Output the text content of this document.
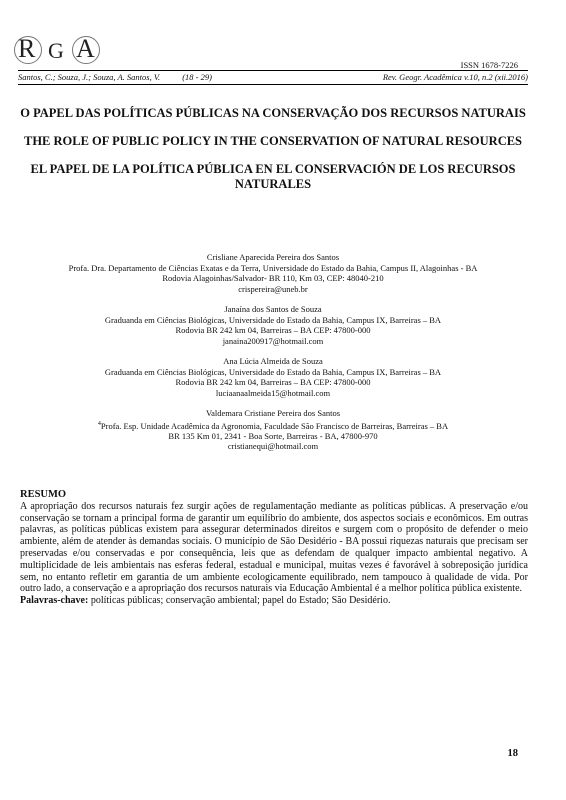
R G A
ISSN 1678-7226
Santos, C.; Souza, J.; Souza, A. Santos, V.	(18 - 29)	Rev. Geogr. Acadêmica v.10, n.2 (xii.2016)
O PAPEL DAS POLÍTICAS PÚBLICAS NA CONSERVAÇÃO DOS RECURSOS NATURAIS
THE ROLE OF PUBLIC POLICY IN THE CONSERVATION OF NATURAL RESOURCES
EL PAPEL DE LA POLÍTICA PÚBLICA EN EL CONSERVACIÓN DE LOS RECURSOS NATURALES
Crisliane Aparecida Pereira dos Santos
Profa. Dra. Departamento de Ciências Exatas e da Terra, Universidade do Estado da Bahia, Campus II, Alagoinhas - BA
Rodovia Alagoinhas/Salvador- BR 110, Km 03, CEP: 48040-210
crispereira@uneb.br
Janaína dos Santos de Souza
Graduanda em Ciências Biológicas, Universidade do Estado da Bahia, Campus IX, Barreiras – BA
Rodovia BR 242 km 04, Barreiras – BA CEP: 47800-000
janaina200917@hotmail.com
Ana Lúcia Almeida de Souza
Graduanda em Ciências Biológicas, Universidade do Estado da Bahia, Campus IX, Barreiras – BA
Rodovia BR 242 km 04, Barreiras – BA CEP: 47800-000
luciaanaalmeida15@hotmail.com
Valdemara Cristiane Pereira dos Santos
$^4$Profa. Esp. Unidade Acadêmica da Agronomia, Faculdade São Francisco de Barreiras, Barreiras – BA
BR 135 Km 01, 2341 - Boa Sorte, Barreiras - BA, 47800-970
cristianequi@hotmail.com
RESUMO

A apropriação dos recursos naturais fez surgir ações de regulamentação mediante as políticas públicas. A preservação e/ou conservação se tornam a principal forma de garantir um equilíbrio do ambiente, dos aspectos sociais e econômicos. Em outras palavras, as políticas públicas existem para assegurar determinados direitos e surgem com o propósito de defender o meio ambiente, além de atender às demandas sociais. O município de São Desidério - BA possui riquezas naturais que precisam ser preservadas e/ou conservadas e por consequência, leis que as defendam de qualquer impacto ambiental negativo. A multiplicidade de leis ambientais nas esferas federal, estadual e municipal, muitas vezes é favorável à sobreposição jurídica sem, no entanto refletir em garantia de um ambiente ecologicamente equilibrado, nem tampouco à qualidade de vida. Por outro lado, a conservação e a apropriação dos recursos naturais via Educação Ambiental é a melhor política pública existente.

Palavras-chave: políticas públicas; conservação ambiental; papel do Estado; São Desidério.

18
